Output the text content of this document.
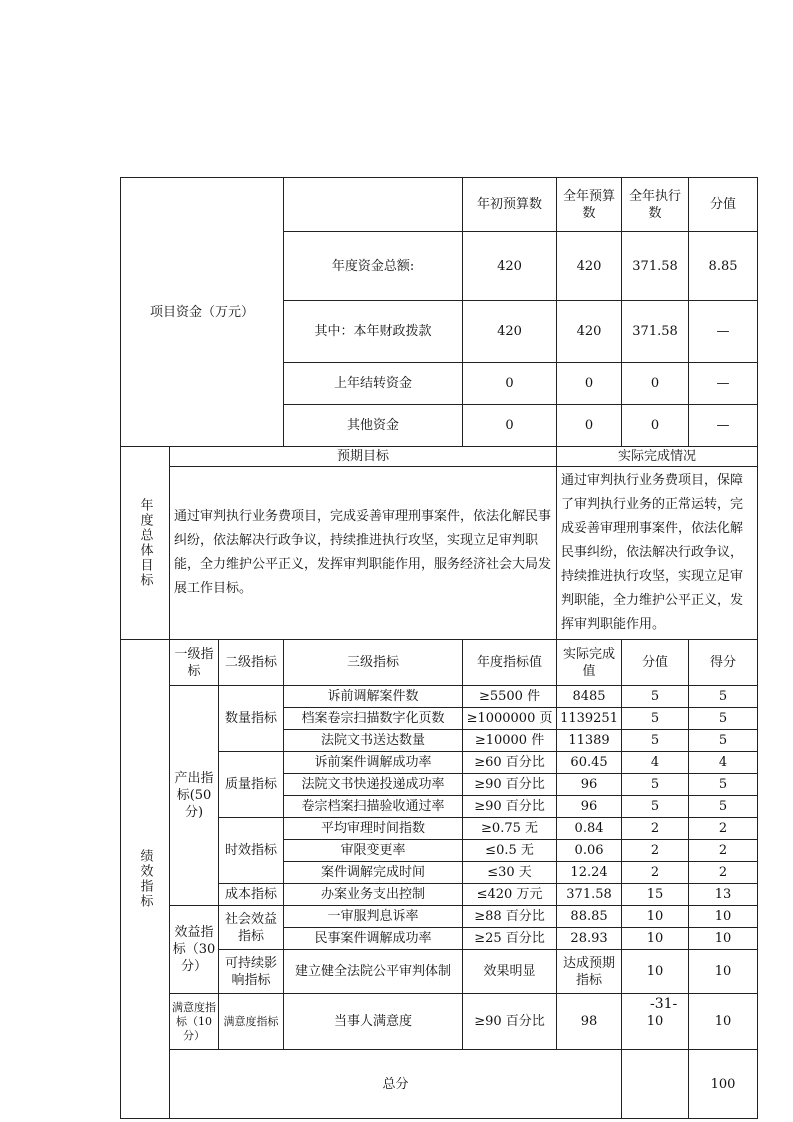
项目资金（万元）				年初预算数	全年预算数	全年执行数	分值	
			年度资金总额:	420	420	371.58	8.85	
			其中：本年财政拨款	420	420	371.58	—	
			上年结转资金	0	0	0	—	
			其他资金	0	0	0	—	

年度总体目标	预期目标				实际完成情况			
	通过审判执行业务费项目，完成妥善审理刑事案件，依法化解民事纠纷，依法解决行政争议，持续推进执行攻坚，实现立足审判职能，全力维护公平正义，发挥审判职能作用，服务经济社会大局发展工作目标。				通过审判执行业务费项目，保障了审判执行业务的正常运转，完成妥善审理刑事案件，依法化解民事纠纷，依法解决行政争议，持续推进执行攻坚，实现立足审判职能，全力维护公平正义，发挥审判职能作用。			

绩效指标	一级指标	二级指标	三级指标	年度指标值	实际完成值	分值	得分	
	产出指标(50分)	数量指标	诉前调解案件数	≥5500 件	8485	5	5	
			档案卷宗扫描数字化页数	≥1000000 页	1139251	5	5	
			法院文书送达数量	≥10000 件	11389	5	5	
		质量指标	诉前案件调解成功率	≥60 百分比	60.45	4	4	
			法院文书快递投递成功率	≥90 百分比	96	5	5	
			卷宗档案扫描验收通过率	≥90 百分比	96	5	5	
		时效指标	平均审理时间指数	≥0.75 无	0.84	2	2	
			审限变更率	≤0.5 无	0.06	2	2	
			案件调解完成时间	≤30 天	12.24	2	2	
		成本指标	办案业务支出控制	≤420 万元	371.58	15	13	
	效益指标（30分）	社会效益指标	一审服判息诉率	≥88 百分比	88.85	10	10	
			民事案件调解成功率	≥25 百分比	28.93	10	10	
		可持续影响指标	建立健全法院公平审判体制	效果明显	达成预期指标	10	10	
	满意度指标（10分）	满意度指标	当事人满意度	≥90 百分比	98	10	10	
	总分						100	
-31-
